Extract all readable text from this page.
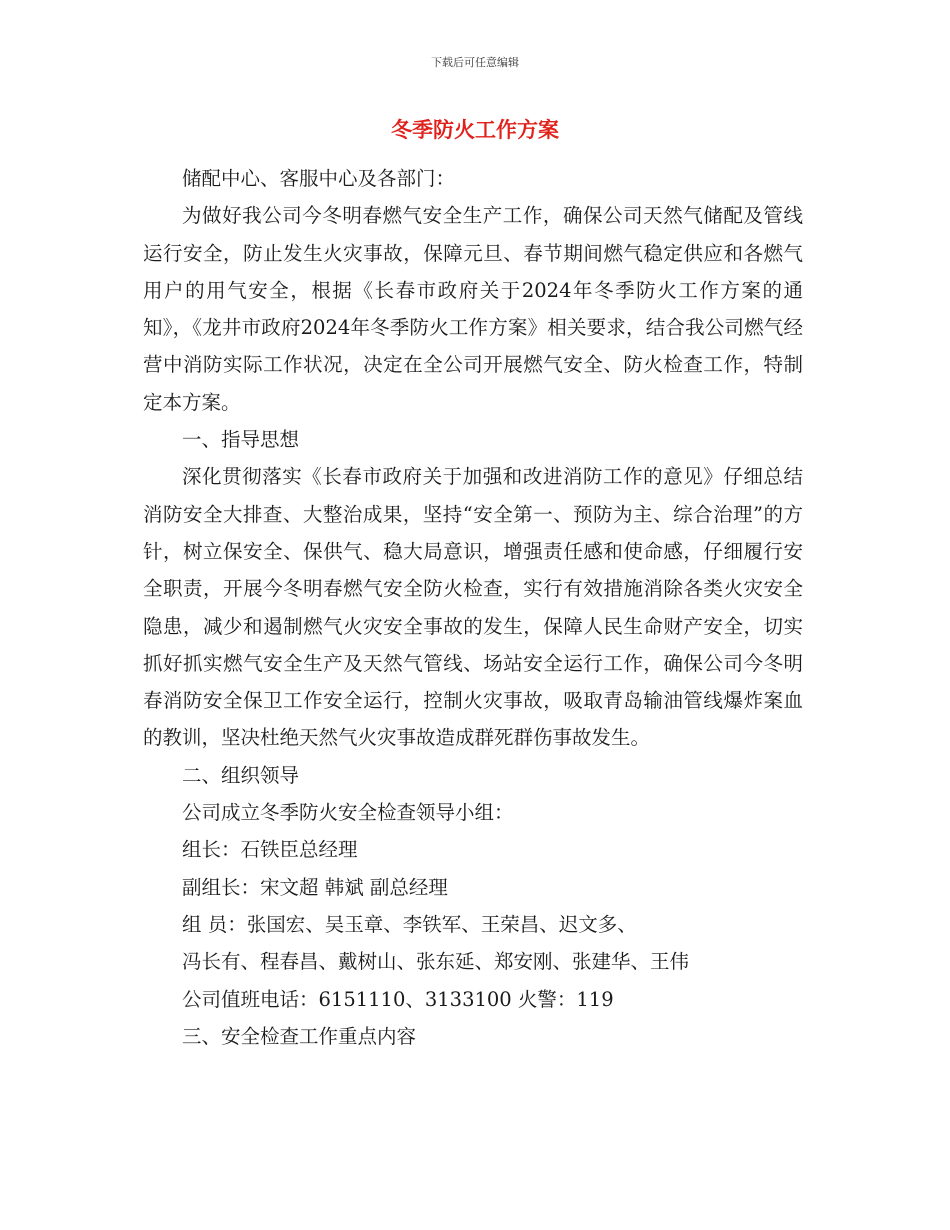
下载后可任意编辑
冬季防火工作方案

储配中心、客服中心及各部门：

为做好我公司今冬明春燃气安全生产工作，确保公司天然气储配及管线运行安全，防止发生火灾事故，保障元旦、春节期间燃气稳定供应和各燃气用户的用气安全，根据《长春市政府关于2024年冬季防火工作方案的通知》，《龙井市政府2024年冬季防火工作方案》相关要求，结合我公司燃气经营中消防实际工作状况，决定在全公司开展燃气安全、防火检查工作，特制定本方案。

一、指导思想

深化贯彻落实《长春市政府关于加强和改进消防工作的意见》仔细总结消防安全大排查、大整治成果，坚持“安全第一、预防为主、综合治理”的方针，树立保安全、保供气、稳大局意识，增强责任感和使命感，仔细履行安全职责，开展今冬明春燃气安全防火检查，实行有效措施消除各类火灾安全隐患，减少和遏制燃气火灾安全事故的发生，保障人民生命财产安全，切实抓好抓实燃气安全生产及天然气管线、场站安全运行工作，确保公司今冬明春消防安全保卫工作安全运行，控制火灾事故，吸取青岛输油管线爆炸案血的教训，坚决杜绝天然气火灾事故造成群死群伤事故发生。

二、组织领导

公司成立冬季防火安全检查领导小组：

组长：石铁臣总经理

副组长：宋文超 韩斌 副总经理

组 员：张国宏、吴玉章、李铁军、王荣昌、迟文多、

冯长有、程春昌、戴树山、张东延、郑安刚、张建华、王伟

公司值班电话：6151110、3133100 火警：119

三、安全检查工作重点内容
